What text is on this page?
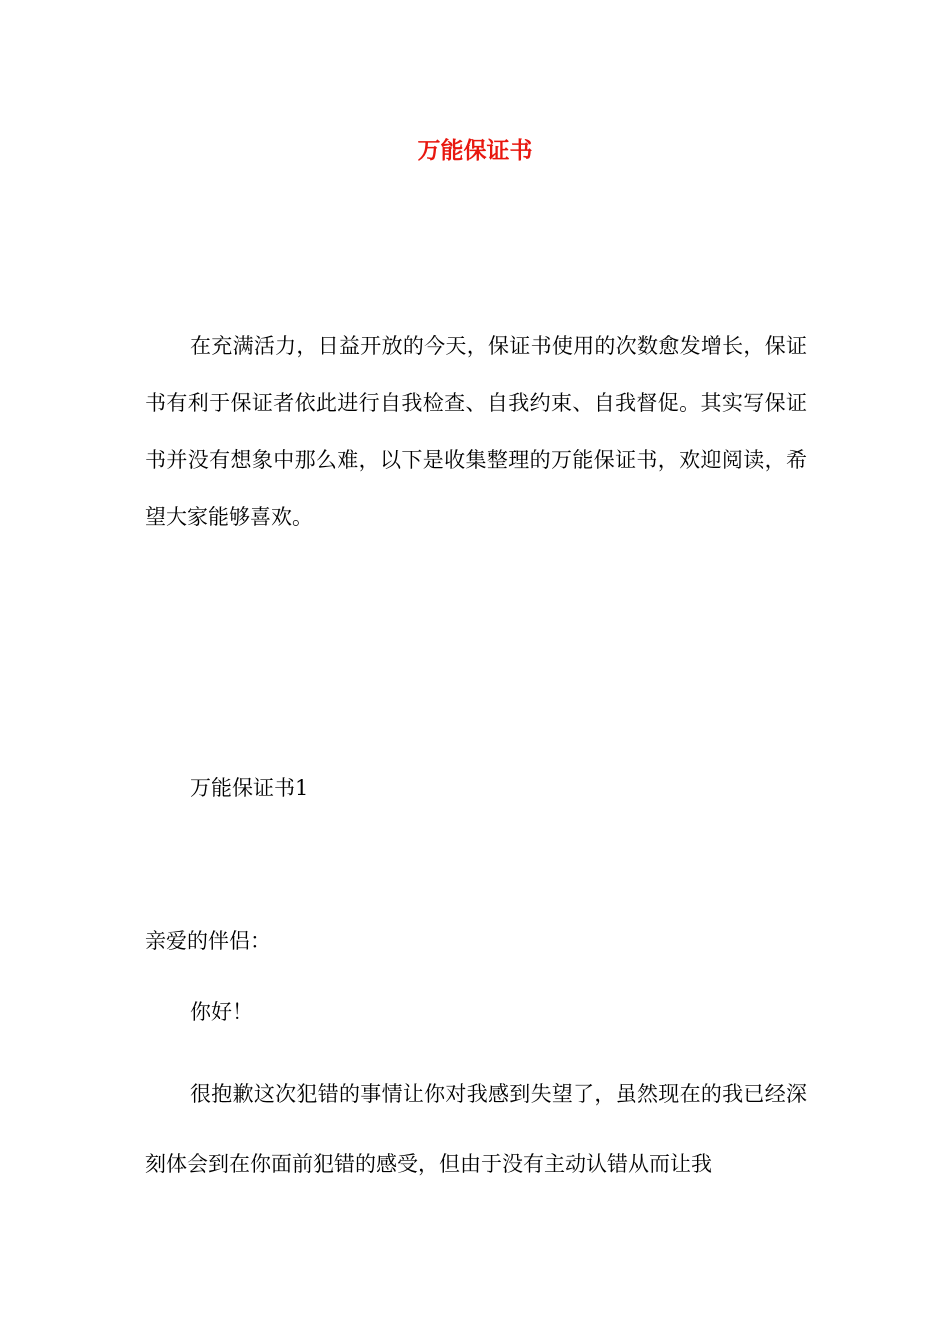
万能保证书

在充满活力，日益开放的今天，保证书使用的次数愈发增长，保证书有利于保证者依此进行自我检查、自我约束、自我督促。其实写保证书并没有想象中那么难，以下是收集整理的万能保证书，欢迎阅读，希望大家能够喜欢。

万能保证书1

亲爱的伴侣：

你好！

很抱歉这次犯错的事情让你对我感到失望了，虽然现在的我已经深刻体会到在你面前犯错的感受，但由于没有主动认错从而让我
